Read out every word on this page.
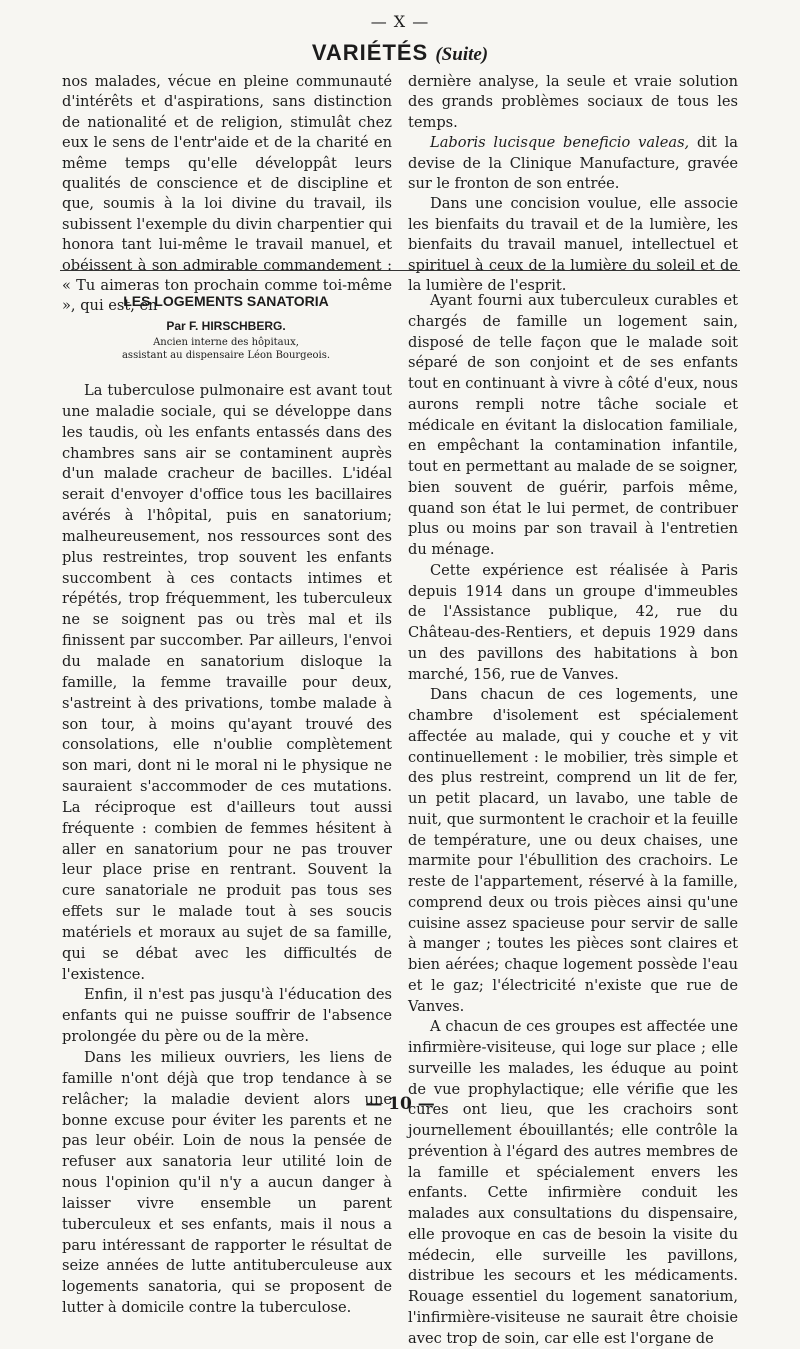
— X —
VARIÉTÉS (Suite)

nos malades, vécue en pleine communauté d'intérêts et d'aspirations, sans distinction de nationalité et de religion, stimulât chez eux le sens de l'entr'aide et de la charité en même temps qu'elle développât leurs qualités de conscience et de discipline et que, soumis à la loi divine du travail, ils subissent l'exemple du divin charpentier qui honora tant lui-même le travail manuel, et obéissent à son admirable commandement : « Tu aimeras ton prochain comme toi-même », qui est, en

dernière analyse, la seule et vraie solution des grands problèmes sociaux de tous les temps.

Laboris lucisque beneficio valeas, dit la devise de la Clinique Manufacture, gravée sur le fronton de son entrée.

Dans une concision voulue, elle associe les bienfaits du travail et de la lumière, les bienfaits du travail manuel, intellectuel et spirituel à ceux de la lumière du soleil et de la lumière de l'esprit.

LES LOGEMENTS SANATORIA
Par F. HIRSCHBERG.
Ancien interne des hôpitaux,
assistant au dispensaire Léon Bourgeois.

La tuberculose pulmonaire est avant tout une maladie sociale, qui se développe dans les taudis, où les enfants entassés dans des chambres sans air se contaminent auprès d'un malade cracheur de bacilles. L'idéal serait d'envoyer d'office tous les bacillaires avérés à l'hôpital, puis en sanatorium; malheureusement, nos ressources sont des plus restreintes, trop souvent les enfants succombent à ces contacts intimes et répétés, trop fréquemment, les tuberculeux ne se soignent pas ou très mal et ils finissent par succomber. Par ailleurs, l'envoi du malade en sanatorium disloque la famille, la femme travaille pour deux, s'astreint à des privations, tombe malade à son tour, à moins qu'ayant trouvé des consolations, elle n'oublie complètement son mari, dont ni le moral ni le physique ne sauraient s'accommoder de ces mutations. La réciproque est d'ailleurs tout aussi fréquente : combien de femmes hésitent à aller en sanatorium pour ne pas trouver leur place prise en rentrant. Souvent la cure sanatoriale ne produit pas tous ses effets sur le malade tout à ses soucis matériels et moraux au sujet de sa famille, qui se débat avec les difficultés de l'existence.

Enfin, il n'est pas jusqu'à l'éducation des enfants qui ne puisse souffrir de l'absence prolongée du père ou de la mère.

Dans les milieux ouvriers, les liens de famille n'ont déjà que trop tendance à se relâcher; la maladie devient alors une bonne excuse pour éviter les parents et ne pas leur obéir. Loin de nous la pensée de refuser aux sanatoria leur utilité loin de nous l'opinion qu'il n'y a aucun danger à laisser vivre ensemble un parent tuberculeux et ses enfants, mais il nous a paru intéressant de rapporter le résultat de seize années de lutte antituberculeuse aux logements sanatoria, qui se proposent de lutter à domicile contre la tuberculose.

Ayant fourni aux tuberculeux curables et chargés de famille un logement sain, disposé de telle façon que le malade soit séparé de son conjoint et de ses enfants tout en continuant à vivre à côté d'eux, nous aurons rempli notre tâche sociale et médicale en évitant la dislocation familiale, en empêchant la contamination infantile, tout en permettant au malade de se soigner, bien souvent de guérir, parfois même, quand son état le lui permet, de contribuer plus ou moins par son travail à l'entretien du ménage.

Cette expérience est réalisée à Paris depuis 1914 dans un groupe d'immeubles de l'Assistance publique, 42, rue du Château-des-Rentiers, et depuis 1929 dans un des pavillons des habitations à bon marché, 156, rue de Vanves.

Dans chacun de ces logements, une chambre d'isolement est spécialement affectée au malade, qui y couche et y vit continuellement : le mobilier, très simple et des plus restreint, comprend un lit de fer, un petit placard, un lavabo, une table de nuit, que surmontent le crachoir et la feuille de température, une ou deux chaises, une marmite pour l'ébullition des crachoirs. Le reste de l'appartement, réservé à la famille, comprend deux ou trois pièces ainsi qu'une cuisine assez spacieuse pour servir de salle à manger ; toutes les pièces sont claires et bien aérées; chaque logement possède l'eau et le gaz; l'électricité n'existe que rue de Vanves.

A chacun de ces groupes est affectée une infirmière-visiteuse, qui loge sur place ; elle surveille les malades, les éduque au point de vue prophylactique; elle vérifie que les cures ont lieu, que les crachoirs sont journellement ébouillantés; elle contrôle la prévention à l'égard des autres membres de la famille et spécialement envers les enfants. Cette infirmière conduit les malades aux consultations du dispensaire, elle provoque en cas de besoin la visite du médecin, elle surveille les pavillons, distribue les secours et les médicaments. Rouage essentiel du logement sanatorium, l'infirmière-visiteuse ne saurait être choisie avec trop de soin, car elle est l'organe de

— 10 —
